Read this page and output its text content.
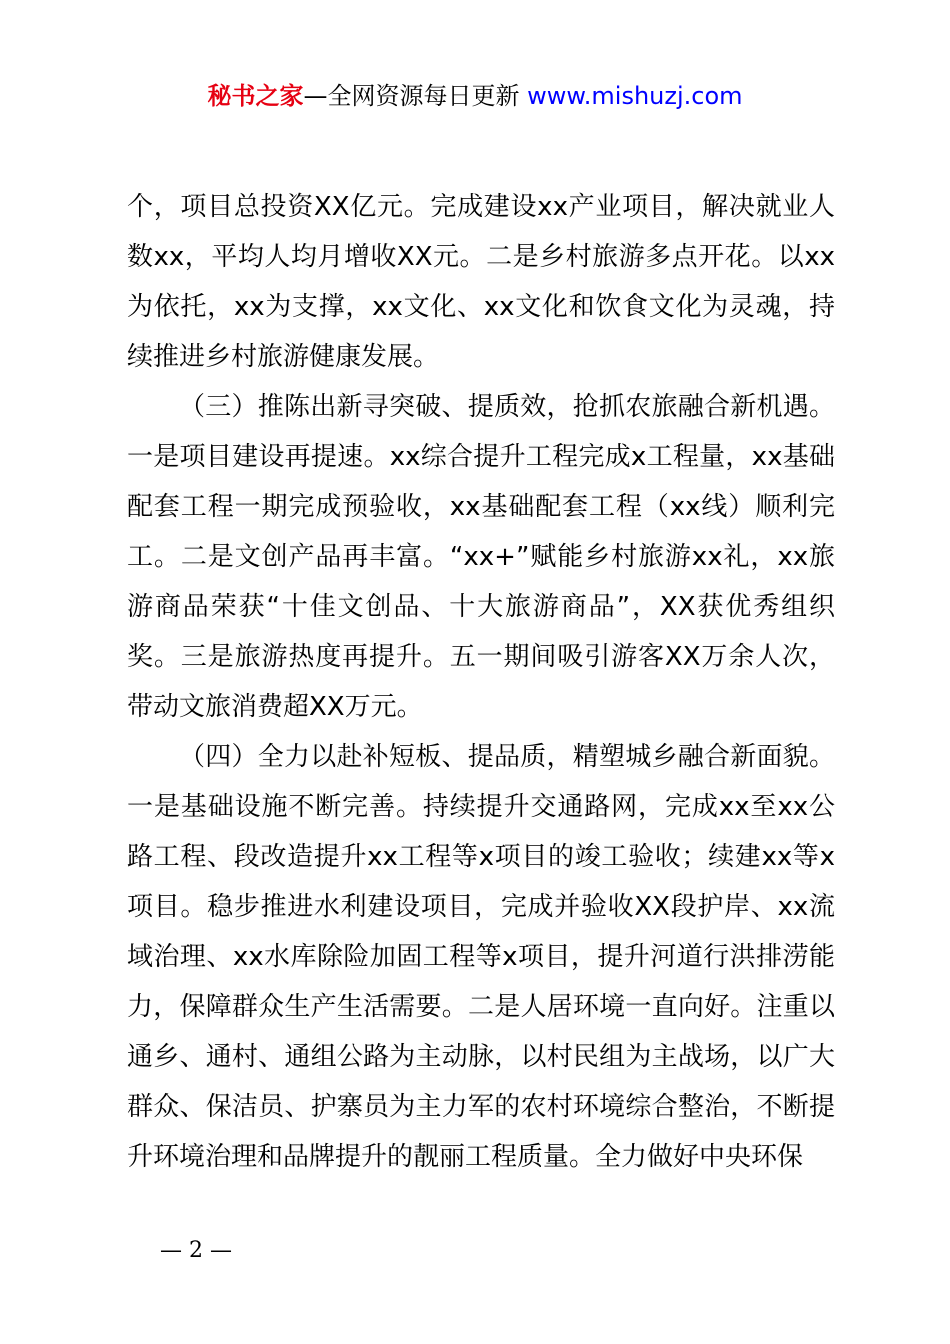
秘书之家—全网资源每日更新 www.mishuzj.com

个，项目总投资XX亿元。完成建设xx产业项目，解决就业人数xx，平均人均月增收XX元。二是乡村旅游多点开花。以xx为依托，xx为支撑，xx文化、xx文化和饮食文化为灵魂，持续推进乡村旅游健康发展。

（三）推陈出新寻突破、提质效，抢抓农旅融合新机遇。一是项目建设再提速。xx综合提升工程完成x工程量，xx基础配套工程一期完成预验收，xx基础配套工程（xx线）顺利完工。二是文创产品再丰富。“xx+”赋能乡村旅游xx礼，xx旅游商品荣获“十佳文创品、十大旅游商品”，XX获优秀组织奖。三是旅游热度再提升。五一期间吸引游客XX万余人次，带动文旅消费超XX万元。

（四）全力以赴补短板、提品质，精塑城乡融合新面貌。一是基础设施不断完善。持续提升交通路网，完成xx至xx公路工程、段改造提升xx工程等x项目的竣工验收；续建xx等x项目。稳步推进水利建设项目，完成并验收XX段护岸、xx流域治理、xx水库除险加固工程等x项目，提升河道行洪排涝能力，保障群众生产生活需要。二是人居环境一直向好。注重以通乡、通村、通组公路为主动脉，以村民组为主战场，以广大群众、保洁员、护寨员为主力军的农村环境综合整治，不断提升环境治理和品牌提升的靓丽工程质量。全力做好中央环保

— 2 —
